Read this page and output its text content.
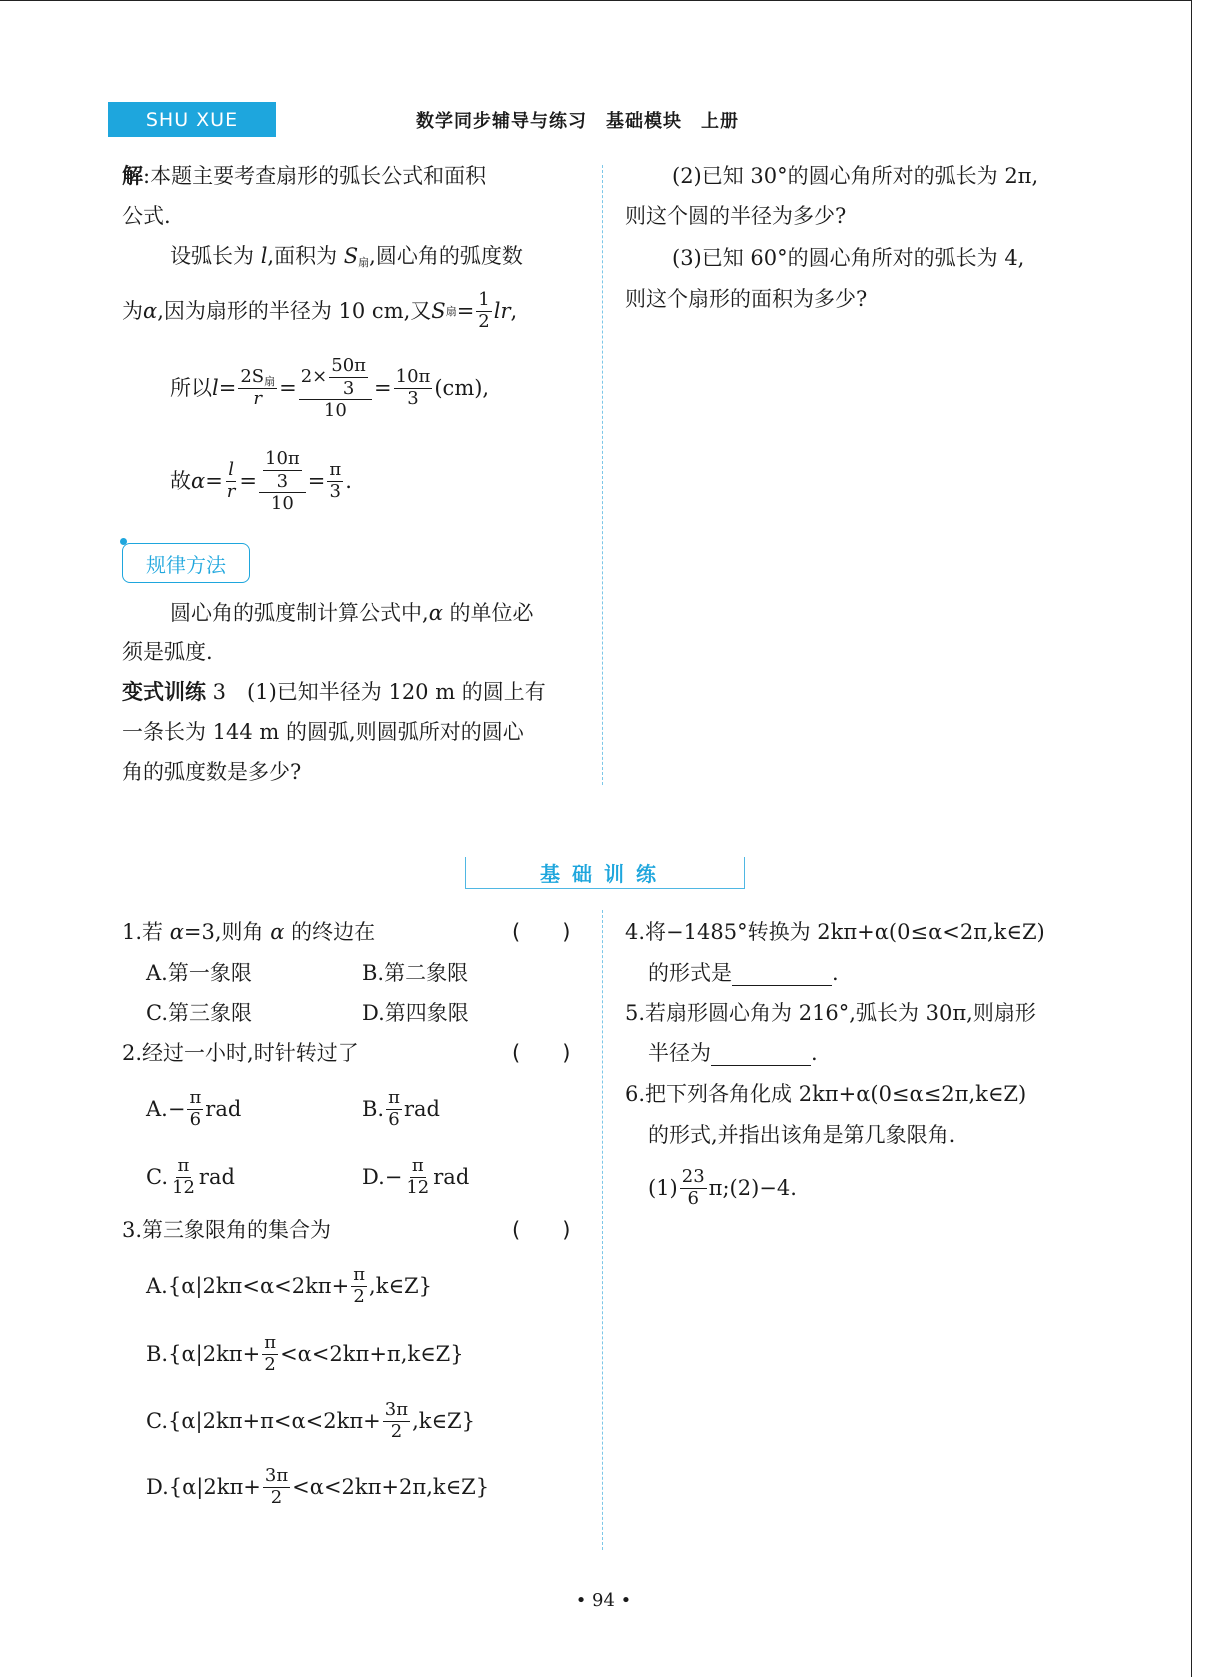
SHU XUE	数学同步辅导与练习　基础模块　上册
解:本题主要考查扇形的弧长公式和面积
公式.
设弧长为 l,面积为 $S_扇$,圆心角的弧度数
为 α ,因为扇形的半径为 10 cm,又 S 扇 = $\frac{1}{2}$ lr ,
所以 $l = \frac{2S_扇}{r} = \frac{2\times \frac{50\pi}{3}}{10} = \frac{10\pi}{3} (cm)$,
故 $\alpha = \frac{l}{r} = \frac{\frac{10\pi}{3}}{10} = \frac{\pi}{3}$ .
规律方法
圆心角的弧度制计算公式中,α 的单位必
须是弧度.
变式训练 3　(1)已知半径为 120 m 的圆上有
一条长为 144 m 的圆弧,则圆弧所对的圆心
角的弧度数是多少?
(2)已知 30°的圆心角所对的弧长为 2π,
则这个圆的半径为多少?
(3)已知 60°的圆心角所对的弧长为 4,
则这个扇形的面积为多少?
基础训练
1.若 α=3,则角 α 的终边在	(　　)
A.第一象限	B.第二象限
C.第三象限	D.第四象限
2.经过一小时,时针转过了	(　　)
$A.- \frac{\pi}{6}$ rad	B. $\frac{\pi}{6}$ rad
C. $\frac{\pi}{12}$ rad	$D.- \frac{\pi}{12}$ rad
3.第三象限角的集合为	(　　)
$A.\{\alpha|2k\pi<\alpha<2k\pi+ \frac{\pi}{2}$ ,k∈Z}
$B.\{\alpha|2k\pi+ \frac{\pi}{2}$ <α<2kπ+π,k∈Z}
$C.\{\alpha|2k\pi+\pi<\alpha<2k\pi+ \frac{3\pi}{2}$ ,k∈Z}
$D.\{\alpha|2k\pi+ \frac{3\pi}{2}$ <α<2kπ+2π,k∈Z}
4.将−1485°转换为 2kπ+α(0≤α<2π,k∈Z)
的形式是	.
5.若扇形圆心角为 216°,弧长为 30π,则扇形
半径为	.
6.把下列各角化成 2kπ+α(0≤α≤2π,k∈Z)
的形式,并指出该角是第几象限角.
$(1) \frac{23}{6}$ π;(2)−4.
• 94 •
